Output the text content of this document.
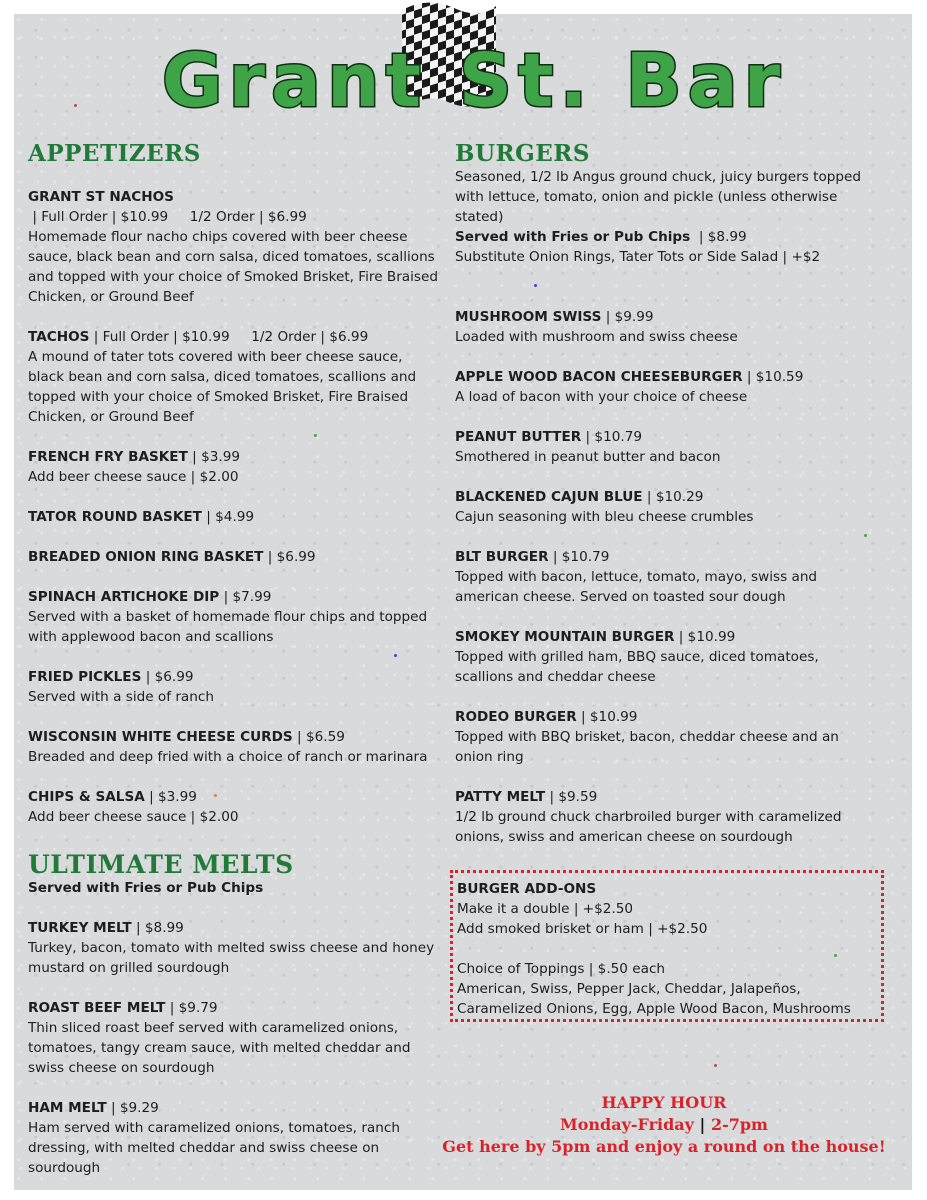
Grant St. Bar
APPETIZERS

GRANT ST NACHOS | Full Order | $10.99     1/2 Order | $6.99
Homemade flour nacho chips covered with beer cheese sauce, black bean and corn salsa, diced tomatoes, scallions and topped with your choice of Smoked Brisket, Fire Braised Chicken, or Ground Beef

TACHOS | Full Order | $10.99     1/2 Order | $6.99
A mound of tater tots covered with beer cheese sauce, black bean and corn salsa, diced tomatoes, scallions and topped with your choice of Smoked Brisket, Fire Braised Chicken, or Ground Beef

FRENCH FRY BASKET | $3.99
Add beer cheese sauce | $2.00

TATOR ROUND BASKET | $4.99

BREADED ONION RING BASKET | $6.99

SPINACH ARTICHOKE DIP | $7.99
Served with a basket of homemade flour chips and topped with applewood bacon and scallions

FRIED PICKLES | $6.99
Served with a side of ranch

WISCONSIN WHITE CHEESE CURDS | $6.59
Breaded and deep fried with a choice of ranch or marinara

CHIPS & SALSA | $3.99
Add beer cheese sauce | $2.00

ULTIMATE MELTS

Served with Fries or Pub Chips

TURKEY MELT | $8.99
Turkey, bacon, tomato with melted swiss cheese and honey mustard on grilled sourdough

ROAST BEEF MELT | $9.79
Thin sliced roast beef served with caramelized onions, tomatoes, tangy cream sauce, with melted cheddar and swiss cheese on sourdough

HAM MELT | $9.29
Ham served with caramelized onions, tomatoes, ranch dressing, with melted cheddar and swiss cheese on sourdough

BURGERS

Seasoned, 1/2 lb Angus ground chuck, juicy burgers topped with lettuce, tomato, onion and pickle (unless otherwise stated)

Served with Fries or Pub Chips  | $8.99

Substitute Onion Rings, Tater Tots or Side Salad | +$2

MUSHROOM SWISS | $9.99
Loaded with mushroom and swiss cheese

APPLE WOOD BACON CHEESEBURGER | $10.59
A load of bacon with your choice of cheese

PEANUT BUTTER | $10.79
Smothered in peanut butter and bacon

BLACKENED CAJUN BLUE | $10.29
Cajun seasoning with bleu cheese crumbles

BLT BURGER | $10.79
Topped with bacon, lettuce, tomato, mayo, swiss and american cheese. Served on toasted sour dough

SMOKEY MOUNTAIN BURGER | $10.99
Topped with grilled ham, BBQ sauce, diced tomatoes, scallions and cheddar cheese

RODEO BURGER | $10.99
Topped with BBQ brisket, bacon, cheddar cheese and an onion ring

PATTY MELT | $9.59
1/2 lb ground chuck charbroiled burger with caramelized onions, swiss and american cheese on sourdough

BURGER ADD-ONS
Make it a double | +$2.50
Add smoked brisket or ham | +$2.50
Choice of Toppings | $.50 each
American, Swiss, Pepper Jack, Cheddar, Jalapeños, Caramelized Onions, Egg, Apple Wood Bacon, Mushrooms
HAPPY HOUR
Monday-Friday | 2-7pm
Get here by 5pm and enjoy a round on the house!
